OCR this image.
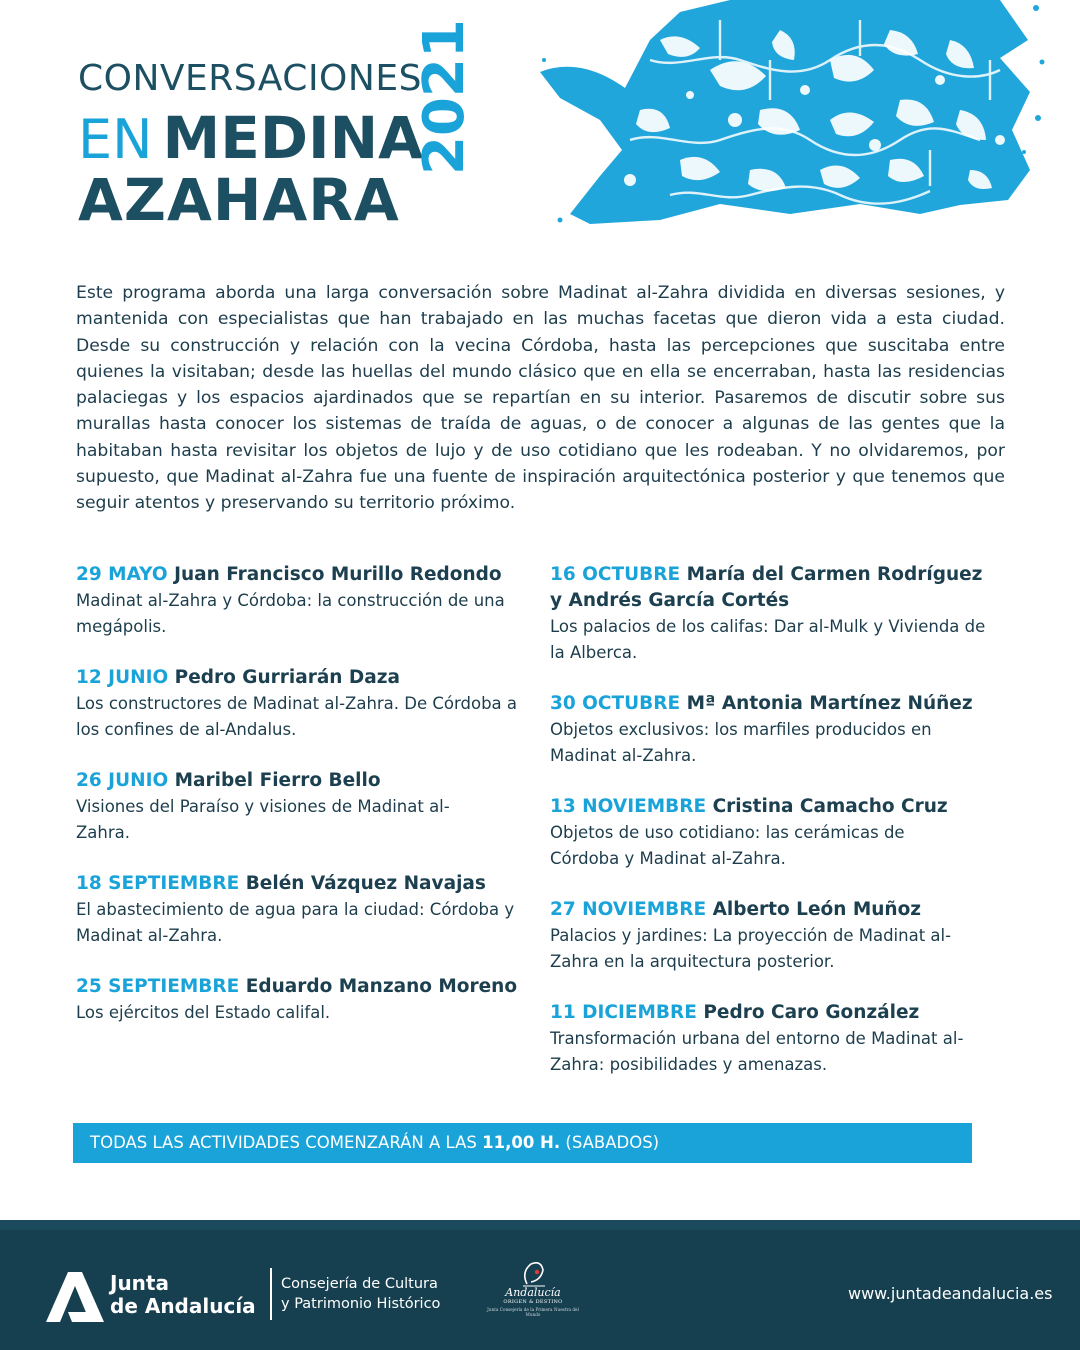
CONVERSACIONES
EN MEDINA
AZAHARA
2021

Este programa aborda una larga conversación sobre Madinat al-Zahra dividida en diversas sesiones, y mantenida con especialistas que han trabajado en las muchas facetas que dieron vida a esta ciudad. Desde su construcción y relación con la vecina Córdoba, hasta las percepciones que suscitaba entre quienes la visitaban; desde las huellas del mundo clásico que en ella se encerraban, hasta las residencias palaciegas y los espacios ajardinados que se repartían en su interior. Pasaremos de discutir sobre sus murallas hasta conocer los sistemas de traída de aguas, o de conocer a algunas de las gentes que la habitaban hasta revisitar los objetos de lujo y de uso cotidiano que les rodeaban. Y no olvidaremos, por supuesto, que Madinat al-Zahra fue una fuente de inspiración arquitectónica posterior y que tenemos que seguir atentos y preservando su territorio próximo.

29 MAYO Juan Francisco Murillo Redondo
Madinat al-Zahra y Córdoba: la construcción de una megápolis.
12 JUNIO Pedro Gurriarán Daza
Los constructores de Madinat al-Zahra. De Córdoba a los confines de al-Andalus.
26 JUNIO Maribel Fierro Bello
Visiones del Paraíso y visiones de Madinat al-Zahra.
18 SEPTIEMBRE Belén Vázquez Navajas
El abastecimiento de agua para la ciudad: Córdoba y Madinat al-Zahra.
25 SEPTIEMBRE Eduardo Manzano Moreno
Los ejércitos del Estado califal.
16 OCTUBRE María del Carmen Rodríguez y Andrés García Cortés
Los palacios de los califas: Dar al-Mulk y Vivienda de la Alberca.
30 OCTUBRE Mª Antonia Martínez Núñez
Objetos exclusivos: los marfiles producidos en Madinat al-Zahra.
13 NOVIEMBRE Cristina Camacho Cruz
Objetos de uso cotidiano: las cerámicas de Córdoba y Madinat al-Zahra.
27 NOVIEMBRE Alberto León Muñoz
Palacios y jardines: La proyección de Madinat al-Zahra en la arquitectura posterior.
11 DICIEMBRE Pedro Caro González
Transformación urbana del entorno de Madinat al-Zahra: posibilidades y amenazas.
TODAS LAS ACTIVIDADES COMENZARÁN A LAS 11,00 H. (SABADOS)
Junta
de Andalucía
Consejería de Cultura
y Patrimonio Histórico
Andalucía
ORIGEN & DESTINO
Junta Consejería de la Primera Nuestra del Mundo
www.juntadeandalucia.es
